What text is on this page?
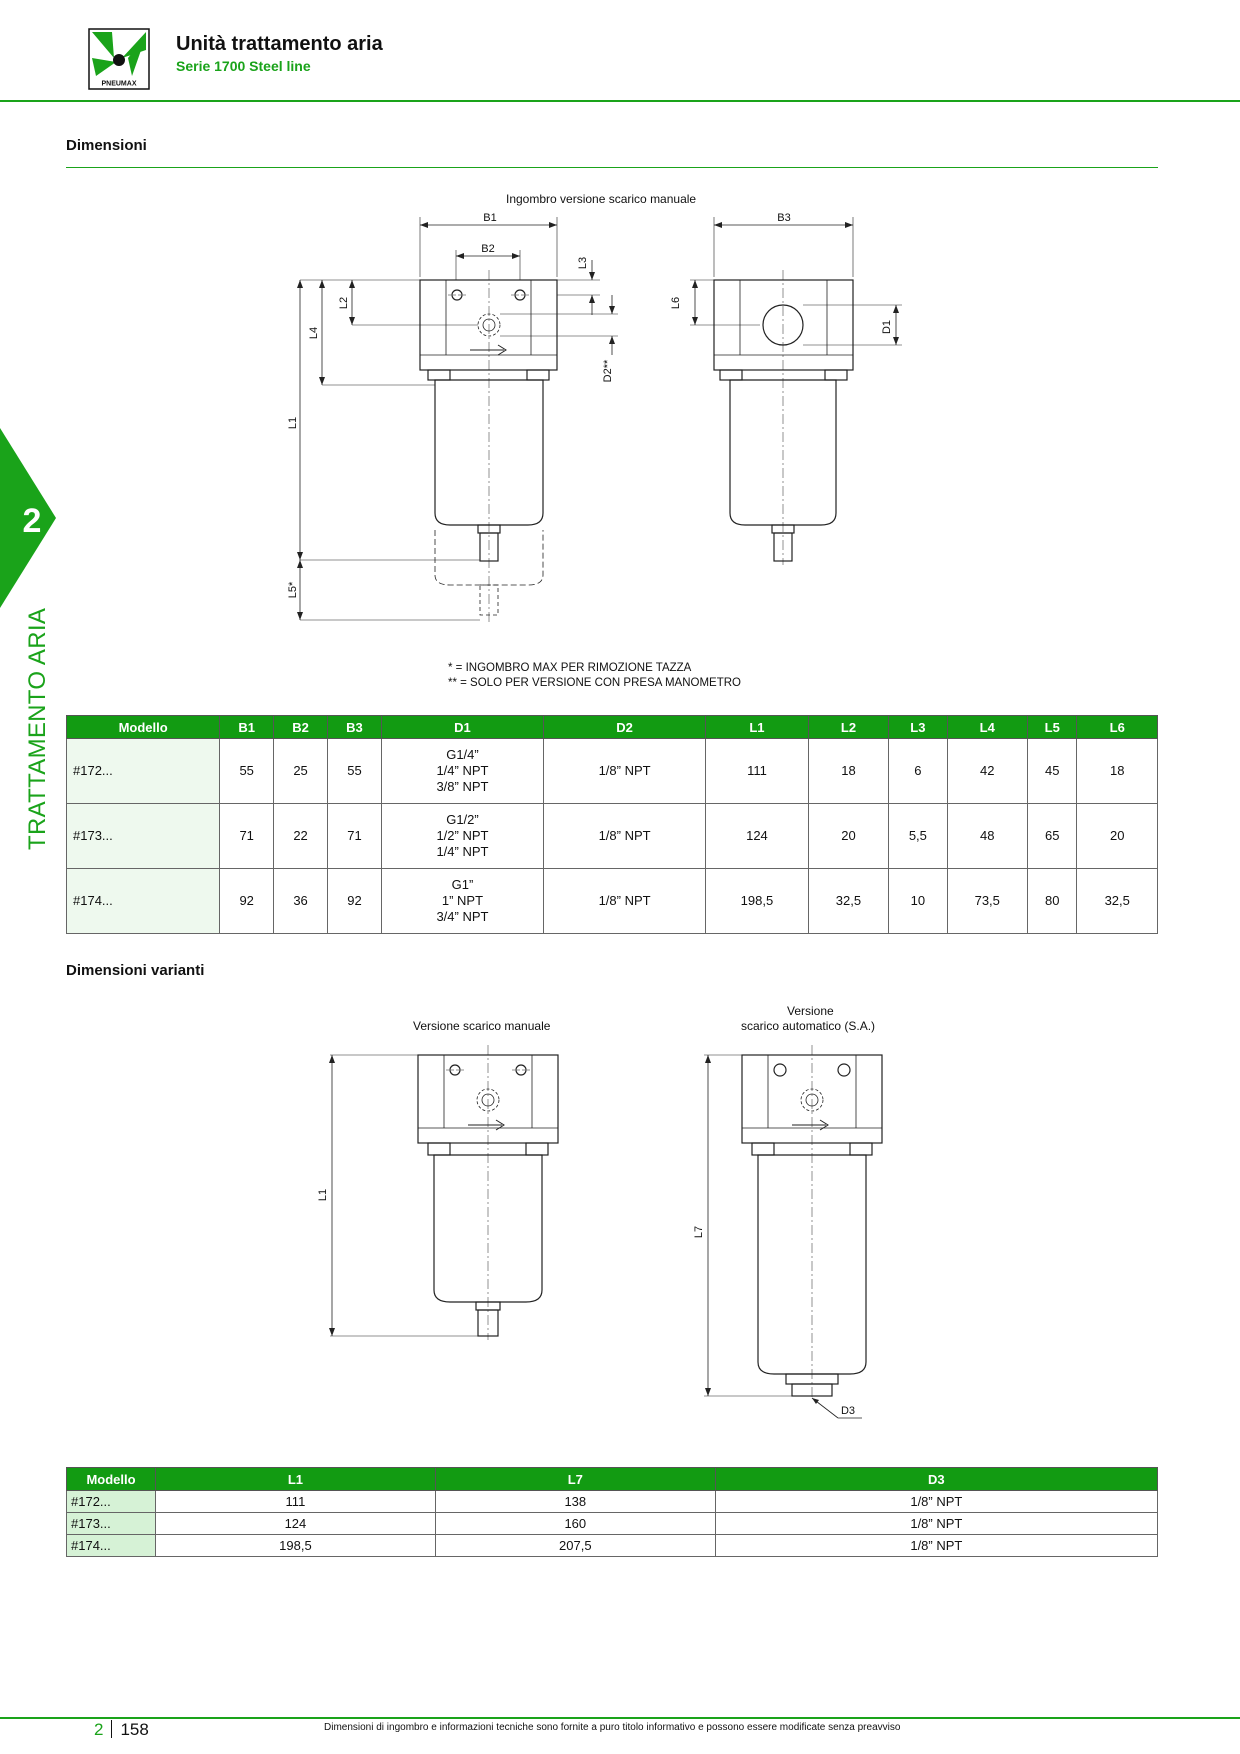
PNEUMAX
Unità trattamento aria
Serie 1700 Steel line
2
TRATTAMENTO ARIA
Dimensioni
Ingombro versione scarico manuale
B1
B2
L1
L5*
L4
L2
L3
D2**
B3
L6
D1
* = INGOMBRO MAX PER RIMOZIONE TAZZA
** = SOLO PER VERSIONE CON PRESA MANOMETRO
Modello	B1	B2	B3	D1	D2	L1	L2	L3	L4	L5	L6
#172...	55	25	55	G1/4”
1/4” NPT
3/8” NPT	1/8” NPT	111	18	6	42	45	18
#173...	71	22	71	G1/2”
1/2” NPT
1/4” NPT	1/8” NPT	124	20	5,5	48	65	20
#174...	92	36	92	G1”
1” NPT
3/4” NPT	1/8” NPT	198,5	32,5	10	73,5	80	32,5
Dimensioni varianti
Versione scarico manuale
Versione
scarico automatico (S.A.)
L1
L7
D3
Modello	L1	L7	D3
#172...	111	138	1/8” NPT
#173...	124	160	1/8” NPT
#174...	198,5	207,5	1/8” NPT
2 158	Dimensioni di ingombro e informazioni tecniche sono fornite a puro titolo informativo e possono essere modificate senza preavviso
